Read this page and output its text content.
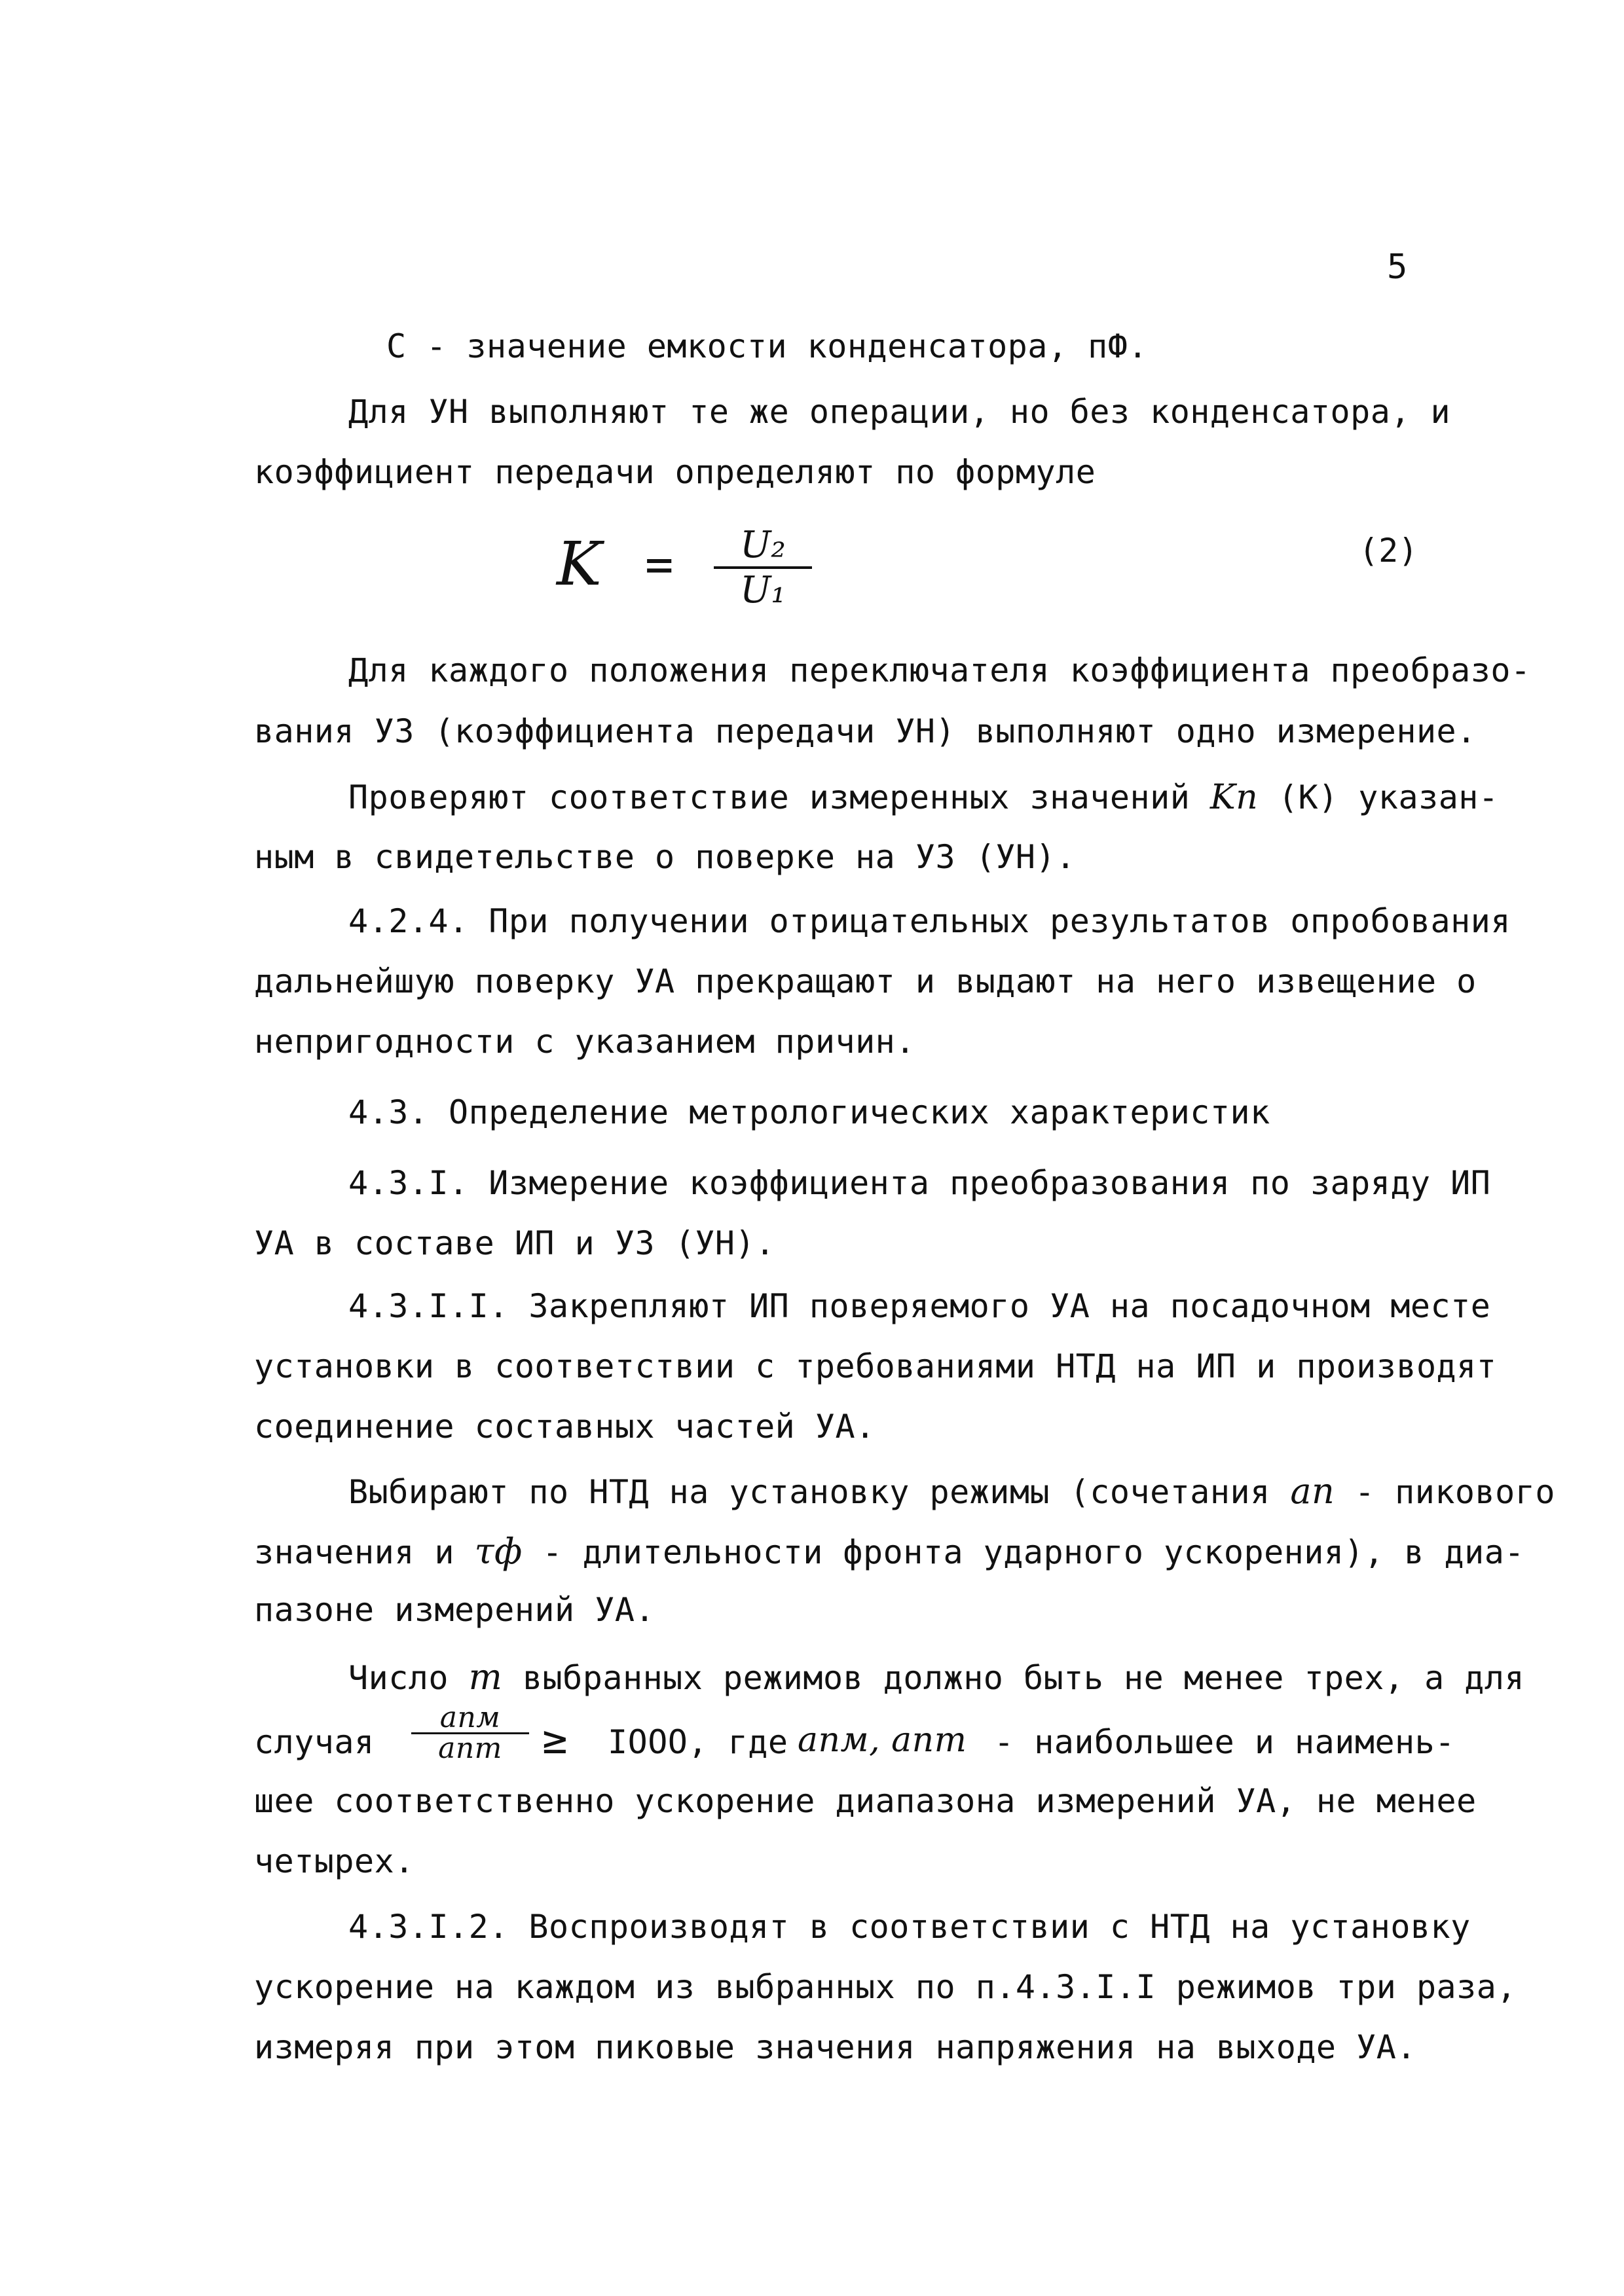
5
C - значение емкости конденсатора, пФ.
Для УН выполняют те же операции, но без конденсатора, и
коэффициент передачи определяют по формуле
K =	U₂
U₁
(2)
Для каждого положения переключателя коэффициента преобразо-
вания УЗ (коэффициента передачи УН) выполняют одно измерение.
Проверяют соответствие измеренных значений Kп (К) указан-
ным в свидетельстве о поверке на УЗ (УН).
4.2.4. При получении отрицательных результатов опробования
дальнейшую поверку УА прекращают и выдают на него извещение о
непригодности с указанием причин.
4.3. Определение метрологических характеристик
4.3.I. Измерение коэффициента преобразования по заряду ИП
УА в составе ИП и УЗ (УН).
4.3.I.I. Закрепляют ИП поверяемого УА на посадочном месте
установки в соответствии с требованиями НТД на ИП и производят
соединение составных частей УА.
Выбирают по НТД на установку режимы (сочетания aп - пикового
значения и τф - длительности фронта ударного ускорения), в диа-
пазоне измерений УА.
Число m выбранных режимов должно быть не менее трех, а для
случая
aпм
aпm ≥ IOOO, где aпм, aпm - наибольшее и наимень-
шее соответственно ускорение диапазона измерений УА, не менее
четырех.
4.3.I.2. Воспроизводят в соответствии с НТД на установку
ускорение на каждом из выбранных по п.4.3.I.I режимов три раза,
измеряя при этом пиковые значения напряжения на выходе УА.
